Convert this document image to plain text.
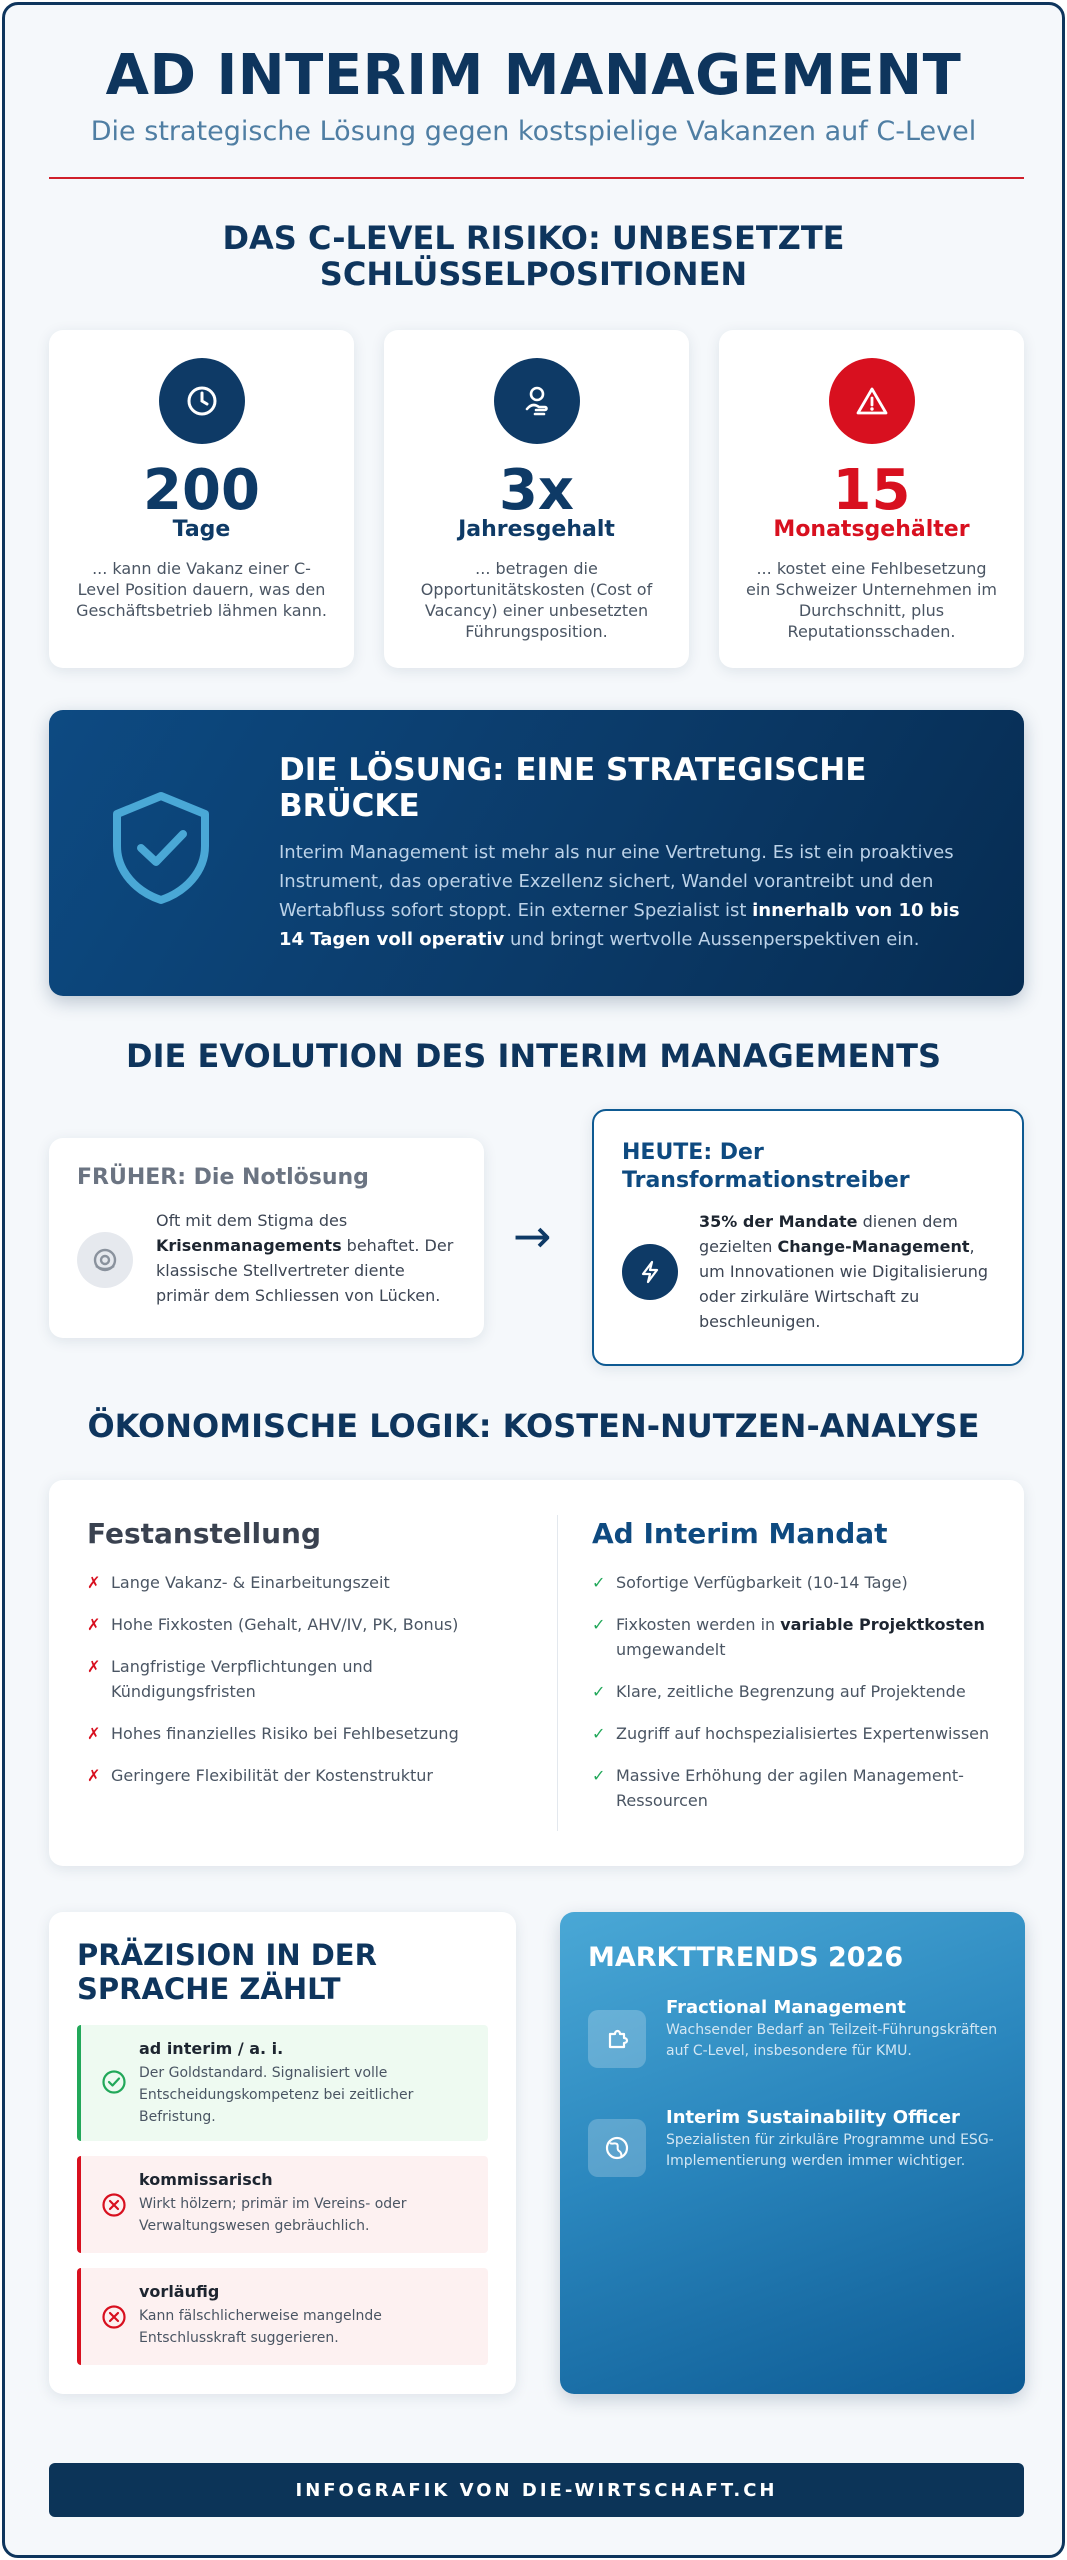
AD INTERIM MANAGEMENT
Die strategische Lösung gegen kostspielige Vakanzen auf C-Level
DAS C-LEVEL RISIKO: UNBESETZTE
SCHLÜSSELPOSITIONEN
200
Tage
... kann die Vakanz einer C-Level Position dauern, was den Geschäftsbetrieb lähmen kann.
3x
Jahresgehalt
... betragen die Opportunitätskosten (Cost of Vacancy) einer unbesetzten Führungsposition.
15
Monatsgehälter
... kostet eine Fehlbesetzung ein Schweizer Unternehmen im Durchschnitt, plus Reputationsschaden.
DIE LÖSUNG: EINE STRATEGISCHE
BRÜCKE
Interim Management ist mehr als nur eine Vertretung. Es ist ein proaktives Instrument, das operative Exzellenz sichert, Wandel vorantreibt und den Wertabfluss sofort stoppt. Ein externer Spezialist ist innerhalb von 10 bis 14 Tagen voll operativ und bringt wertvolle Aussenperspektiven ein.
DIE EVOLUTION DES INTERIM MANAGEMENTS
FRÜHER: Die Notlösung
Oft mit dem Stigma des Krisenmanagements behaftet. Der klassische Stellvertreter diente primär dem Schliessen von Lücken.
→
HEUTE: Der
Transformationstreiber
35% der Mandate dienen dem gezielten Change-Management, um Innovationen wie Digitalisierung oder zirkuläre Wirtschaft zu beschleunigen.
ÖKONOMISCHE LOGIK: KOSTEN-NUTZEN-ANALYSE
Festanstellung
✗ Lange Vakanz- & Einarbeitungszeit
✗ Hohe Fixkosten (Gehalt, AHV/IV, PK, Bonus)
✗ Langfristige Verpflichtungen und Kündigungsfristen
✗ Hohes finanzielles Risiko bei Fehlbesetzung
✗ Geringere Flexibilität der Kostenstruktur
Ad Interim Mandat
✓ Sofortige Verfügbarkeit (10-14 Tage)
✓ Fixkosten werden in variable Projektkosten umgewandelt
✓ Klare, zeitliche Begrenzung auf Projektende
✓ Zugriff auf hochspezialisiertes Expertenwissen
✓ Massive Erhöhung der agilen Management-Ressourcen
PRÄZISION IN DER
SPRACHE ZÄHLT
ad interim / a. i.
Der Goldstandard. Signalisiert volle Entscheidungskompetenz bei zeitlicher Befristung.
kommissarisch
Wirkt hölzern; primär im Vereins- oder Verwaltungswesen gebräuchlich.
vorläufig
Kann fälschlicherweise mangelnde Entschlusskraft suggerieren.
MARKTTRENDS 2026
Fractional Management
Wachsender Bedarf an Teilzeit-Führungskräften auf C-Level, insbesondere für KMU.
Interim Sustainability Officer
Spezialisten für zirkuläre Programme und ESG-Implementierung werden immer wichtiger.
INFOGRAFIK VON DIE-WIRTSCHAFT.CH
